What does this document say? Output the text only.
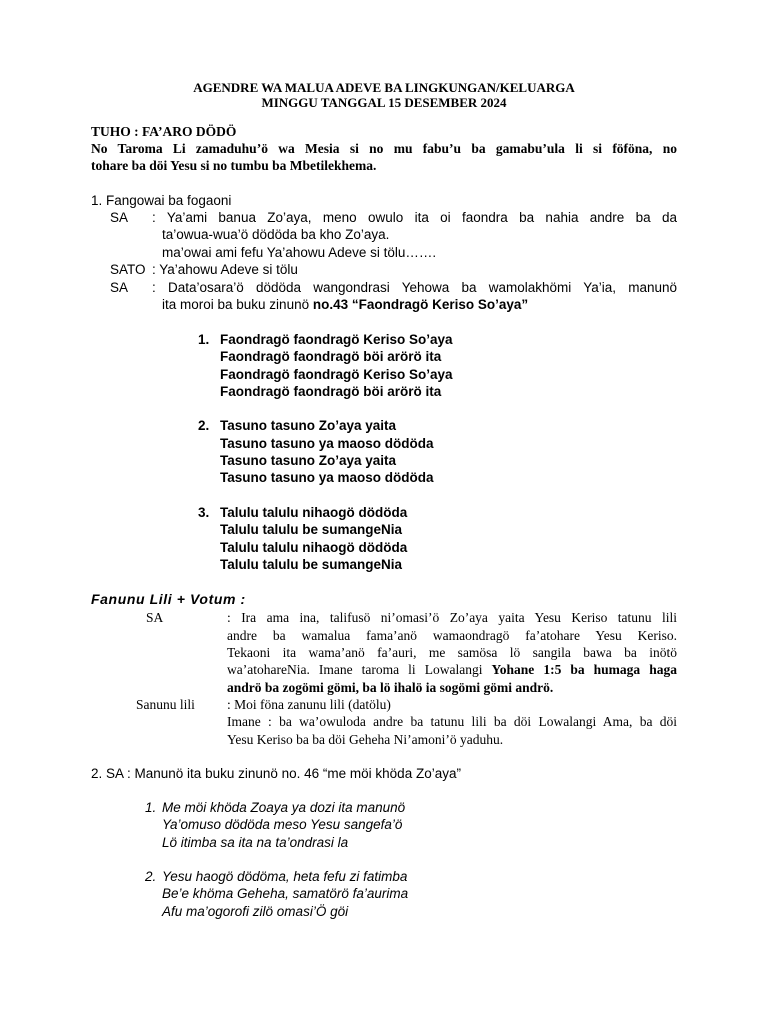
AGENDRE WA MALUA ADEVE BA LINGKUNGAN/KELUARGA
MINGGU TANGGAL 15 DESEMBER 2024
TUHO : FA’ARO DÖDÖ
No Taroma Li zamaduhu’ö wa Mesia si no mu fabu’u ba gamabu’ula li si föföna, no
tohare ba döi Yesu si no tumbu ba Mbetilekhema.
1. Fangowai ba fogaoni
SA : Ya’ami banua Zo’aya, meno owulo ita oi faondra ba nahia andre ba da
ta’owua-wua’ö dödöda ba kho Zo’aya.
ma’owai ami fefu Ya’ahowu Adeve si tölu…….
SATO : Ya’ahowu Adeve si tölu
SA : Data’osara’ö dödöda wangondrasi Yehowa ba wamolakhömi Ya’ia, manunö
ita moroi ba buku zinunö no.43 “Faondragö Keriso So’aya”
1. Faondragö faondragö Keriso So’aya
Faondragö faondragö böi arörö ita
Faondragö faondragö Keriso So’aya
Faondragö faondragö böi arörö ita
2. Tasuno tasuno Zo’aya yaita
Tasuno tasuno ya maoso dödöda
Tasuno tasuno Zo’aya yaita
Tasuno tasuno ya maoso dödöda
3. Talulu talulu nihaogö dödöda
Talulu talulu be sumangeNia
Talulu talulu nihaogö dödöda
Talulu talulu be sumangeNia
Fanunu Lili + Votum :
SA	: Ira ama ina, talifusö ni’omasi’ö Zo’aya yaita Yesu Keriso tatunu lili
andre ba wamalua fama’anö wamaondragö fa’atohare Yesu Keriso.
Tekaoni ita wama’anö fa’auri, me samösa lö sangila bawa ba inötö
wa’atohareNia. Imane taroma li Lowalangi Yohane 1:5 ba humaga haga
andrö ba zogömi gömi, ba lö ihalö ia sogömi gömi andrö.
Sanunu lili : Moi föna zanunu lili (datölu)
Imane : ba wa’owuloda andre ba tatunu lili ba döi Lowalangi Ama, ba döi
Yesu Keriso ba ba döi Geheha Ni’amoni’ö yaduhu.
2. SA : Manunö ita buku zinunö no. 46 “me möi khöda Zo’aya”
1. Me möi khöda Zoaya ya dozi ita manunö
Ya’omuso dödöda meso Yesu sangefa’ö
Lö itimba sa ita na ta’ondrasi la
2. Yesu haogö dödöma, heta fefu zi fatimba
Be’e khöma Geheha, samatörö fa’aurima
Afu ma’ogorofi zilö omasi’Ö göi
